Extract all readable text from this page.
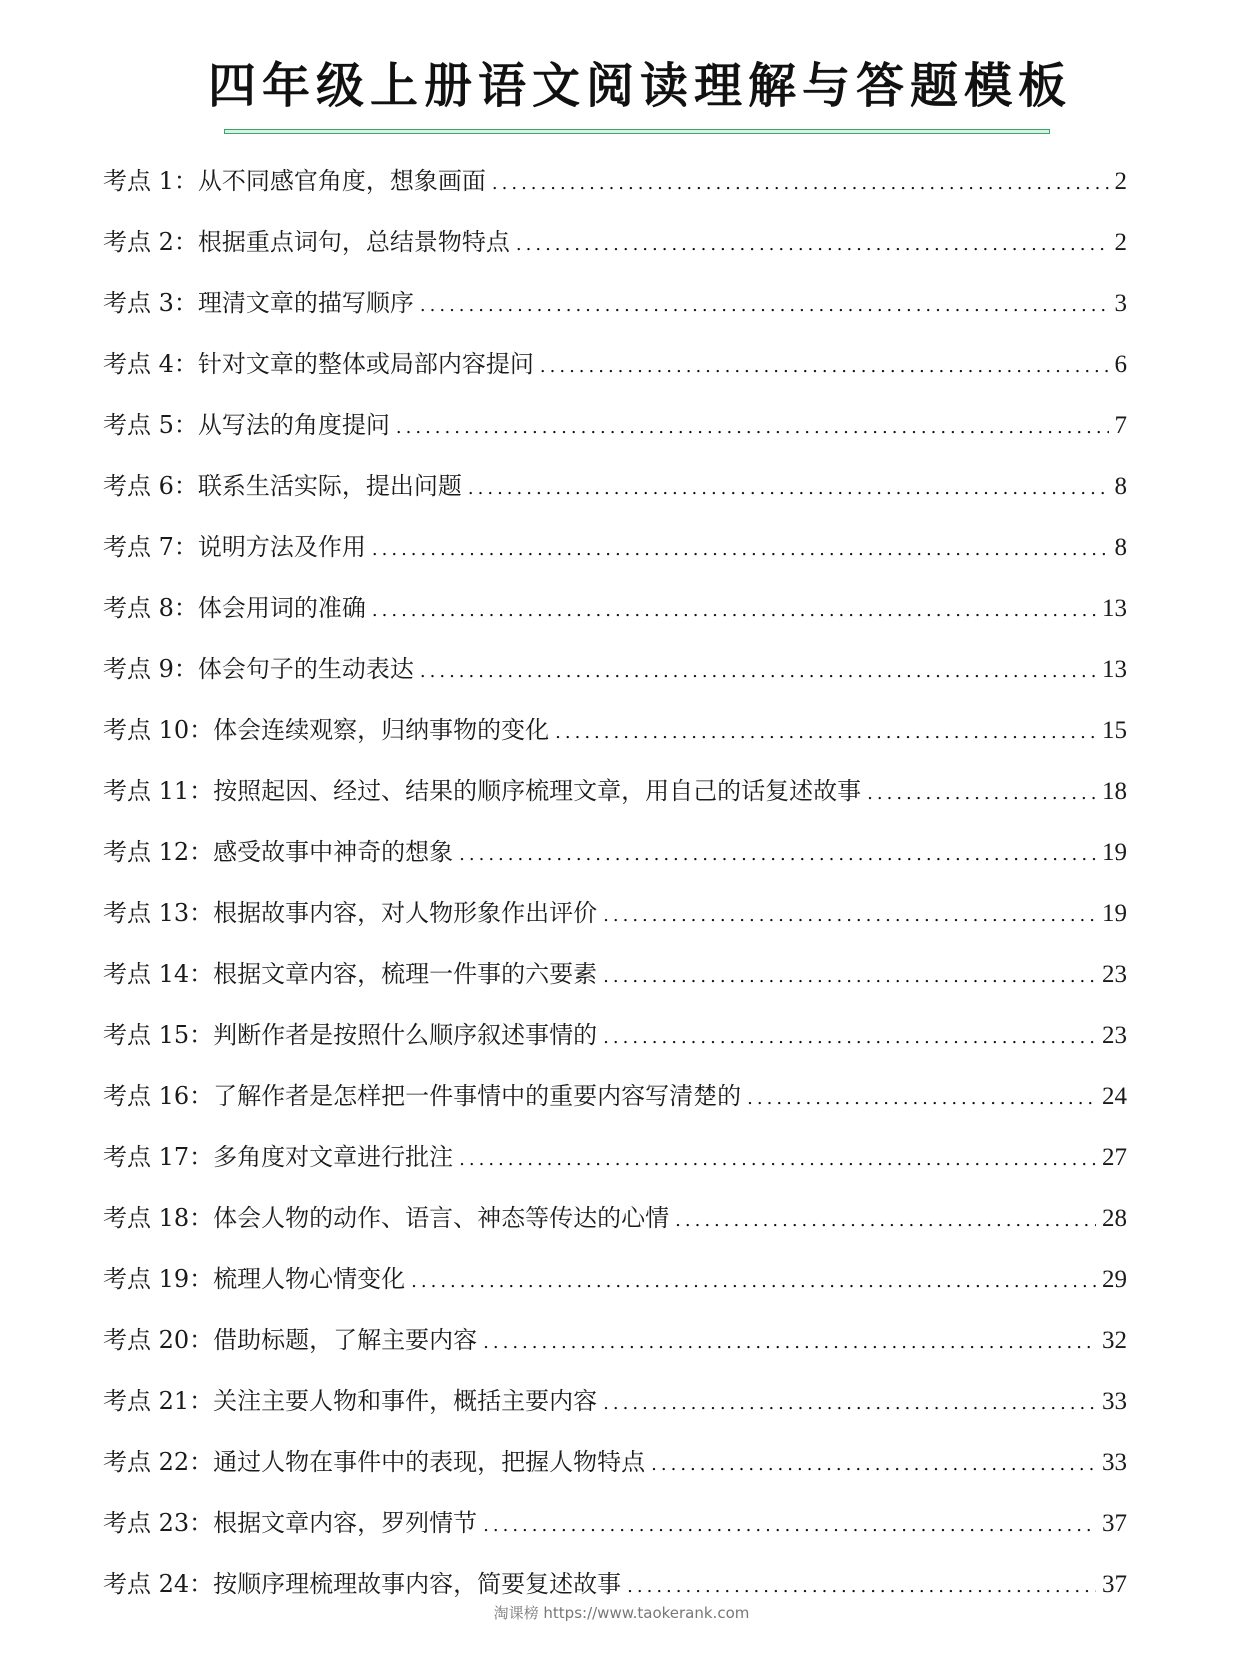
四年级上册语文阅读理解与答题模板
考点 1：从不同感官角度，想象画面 .....	2
考点 2：根据重点词句，总结景物特点 .....	2
考点 3：理清文章的描写顺序 .....	3
考点 4：针对文章的整体或局部内容提问 .....	6
考点 5：从写法的角度提问 .....	7
考点 6：联系生活实际，提出问题 .....	8
考点 7：说明方法及作用 .....	8
考点 8：体会用词的准确 .....	13
考点 9：体会句子的生动表达 .....	13
考点 10：体会连续观察，归纳事物的变化 .....	15
考点 11：按照起因、经过、结果的顺序梳理文章，用自己的话复述故事 .....	18
考点 12：感受故事中神奇的想象 .....	19
考点 13：根据故事内容，对人物形象作出评价 .....	19
考点 14：根据文章内容，梳理一件事的六要素 .....	23
考点 15：判断作者是按照什么顺序叙述事情的 .....	23
考点 16：了解作者是怎样把一件事情中的重要内容写清楚的 .....	24
考点 17：多角度对文章进行批注 .....	27
考点 18：体会人物的动作、语言、神态等传达的心情 .....	28
考点 19：梳理人物心情变化 .....	29
考点 20：借助标题，了解主要内容 .....	32
考点 21：关注主要人物和事件，概括主要内容 .....	33
考点 22：通过人物在事件中的表现，把握人物特点 .....	33
考点 23：根据文章内容，罗列情节 .....	37
考点 24：按顺序理梳理故事内容，简要复述故事 .....	37
淘课榜 https://www.taokerank.com
